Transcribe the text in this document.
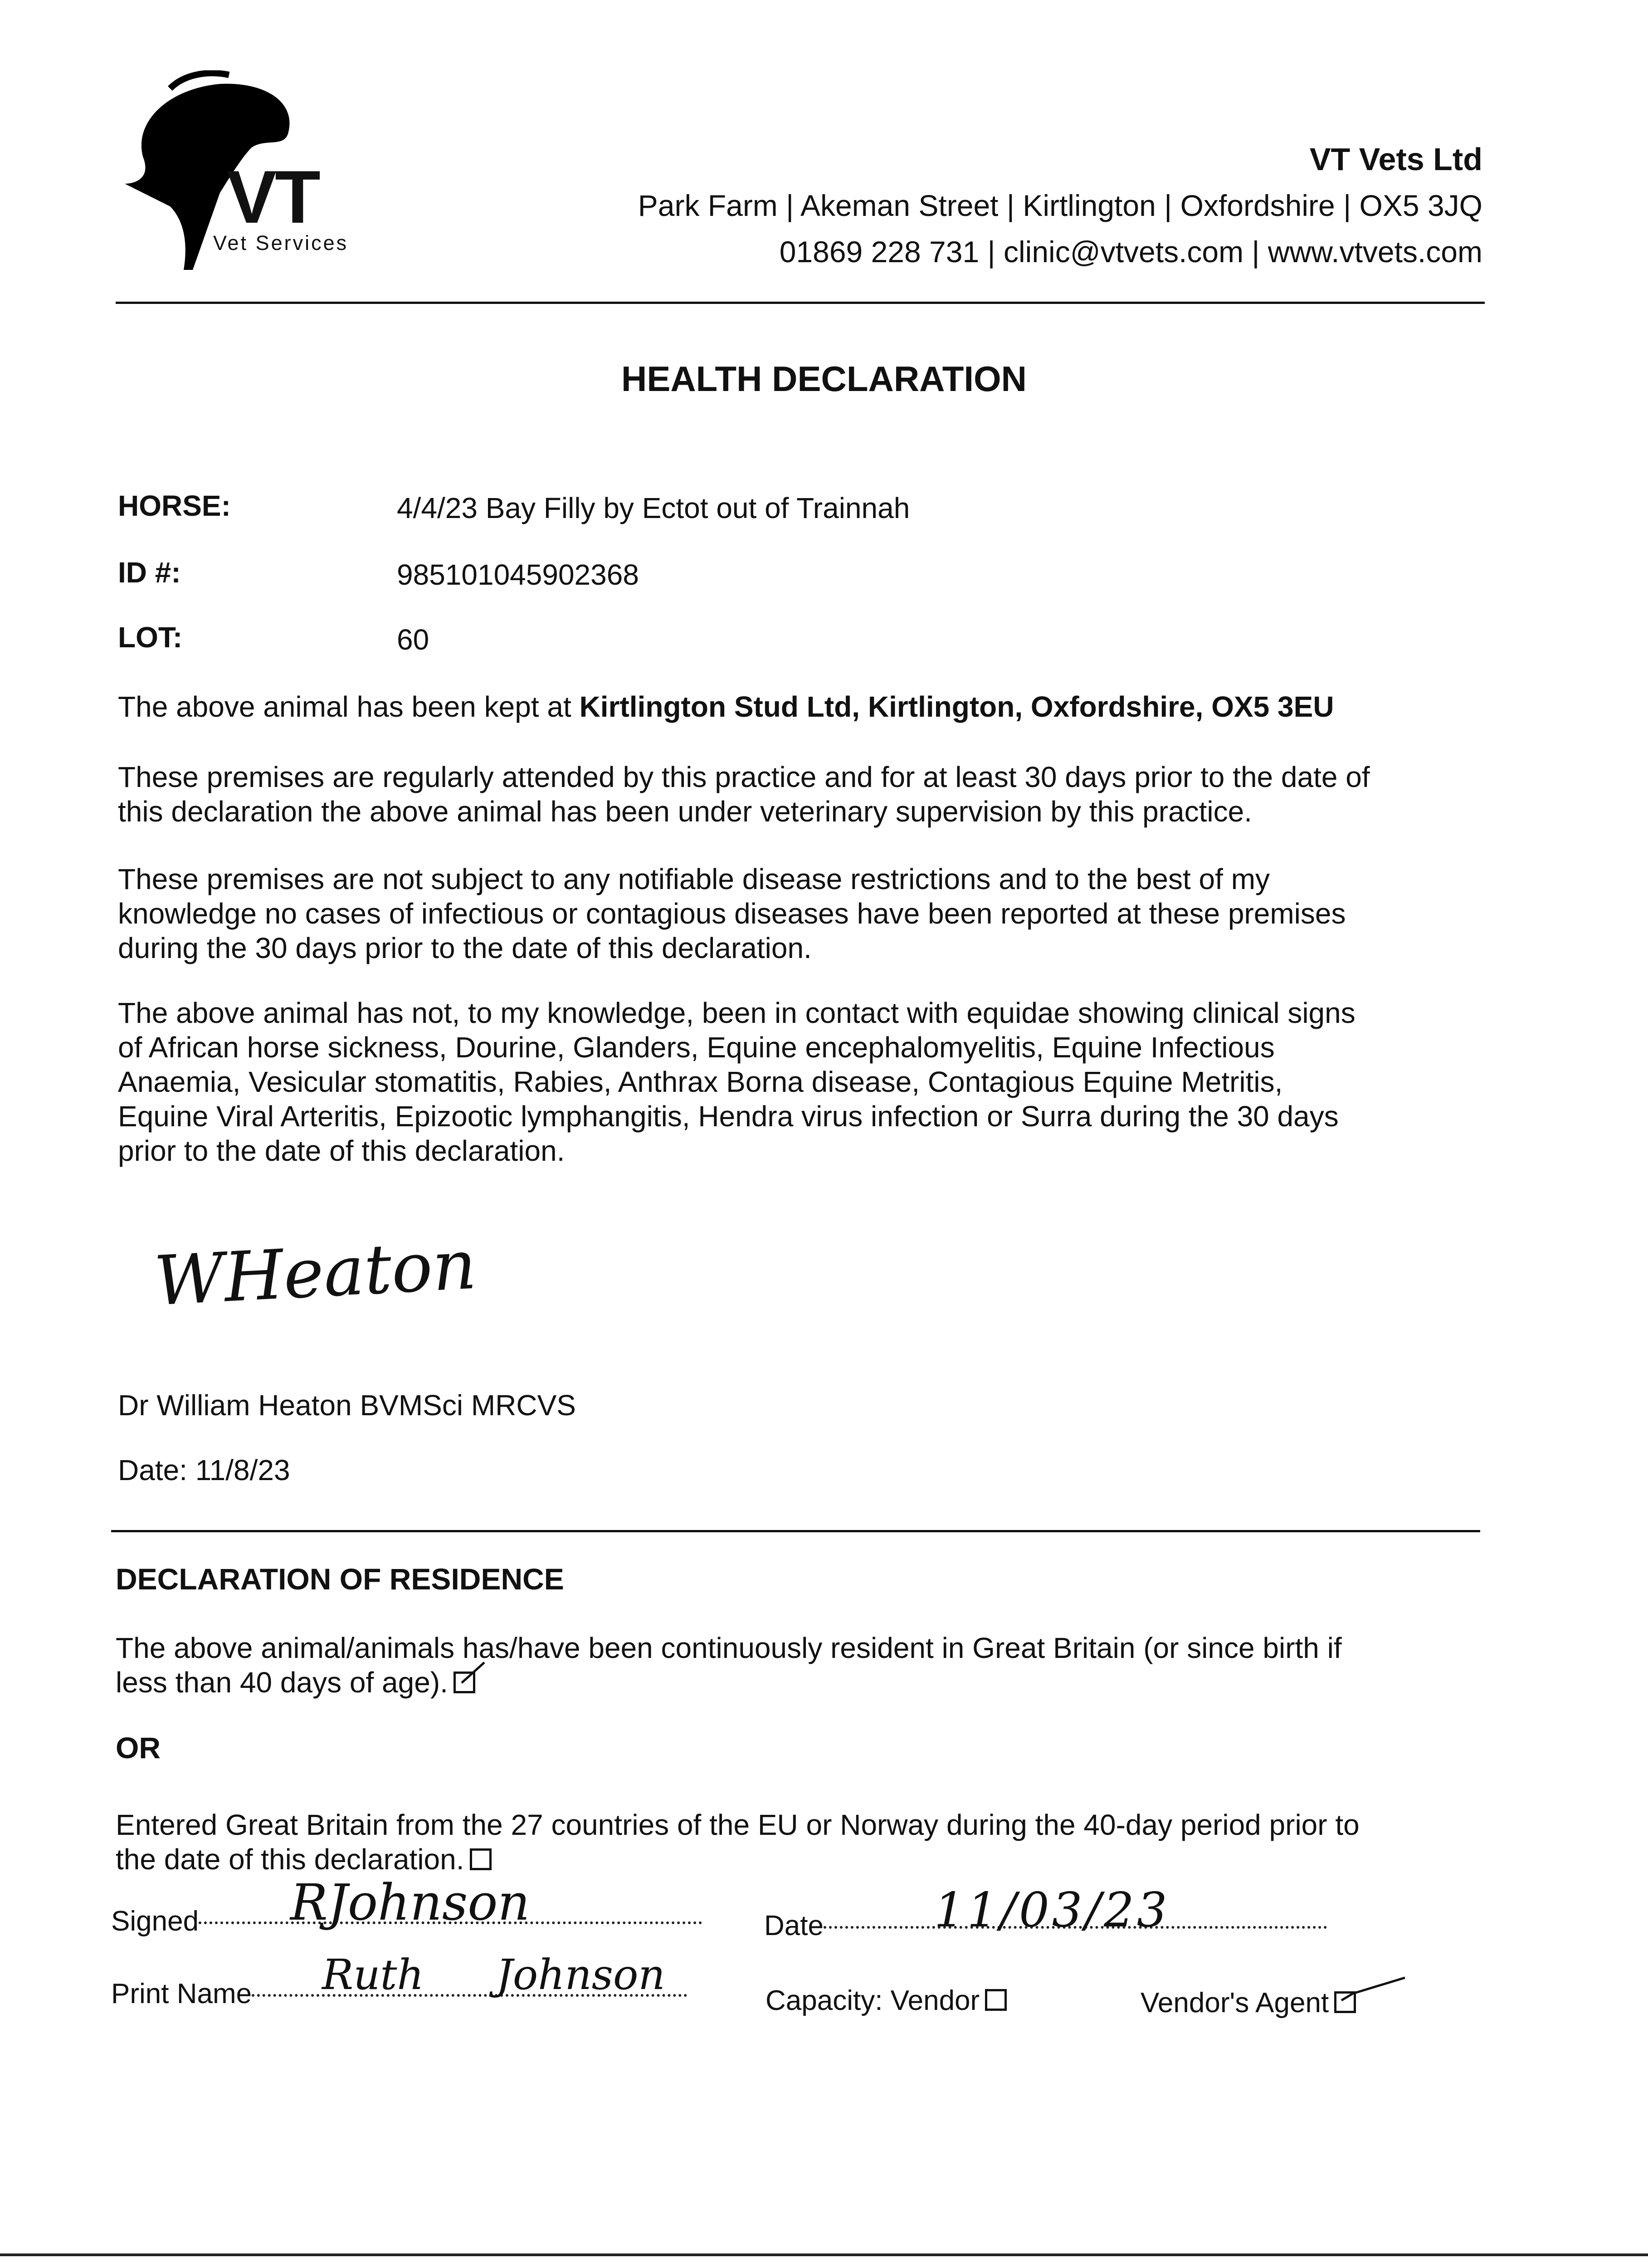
VT
Vet Services
VT Vets Ltd
Park Farm | Akeman Street | Kirtlington | Oxfordshire | OX5 3JQ
01869 228 731 | clinic@vtvets.com | www.vtvets.com
HEALTH DECLARATION
HORSE:	4/4/23 Bay Filly by Ectot out of Trainnah
ID #:	985101045902368
LOT:	60
The above animal has been kept at Kirtlington Stud Ltd, Kirtlington, Oxfordshire, OX5 3EU
These premises are regularly attended by this practice and for at least 30 days prior to the date of
this declaration the above animal has been under veterinary supervision by this practice.
These premises are not subject to any notifiable disease restrictions and to the best of my
knowledge no cases of infectious or contagious diseases have been reported at these premises
during the 30 days prior to the date of this declaration.
The above animal has not, to my knowledge, been in contact with equidae showing clinical signs
of African horse sickness, Dourine, Glanders, Equine encephalomyelitis, Equine Infectious
Anaemia, Vesicular stomatitis, Rabies, Anthrax Borna disease, Contagious Equine Metritis,
Equine Viral Arteritis, Epizootic lymphangitis, Hendra virus infection or Surra during the 30 days
prior to the date of this declaration.
WHeaton
Dr William Heaton BVMSci MRCVS
Date: 11/8/23
DECLARATION OF RESIDENCE
The above animal/animals has/have been continuously resident in Great Britain (or since birth if
less than 40 days of age).
OR
Entered Great Britain from the 27 countries of the EU or Norway during the 40-day period prior to
the date of this declaration.
Signed	RJohnson	Date	11/03/23
Print Name	Ruth Johnson
Capacity: Vendor	Vendor's Agent
